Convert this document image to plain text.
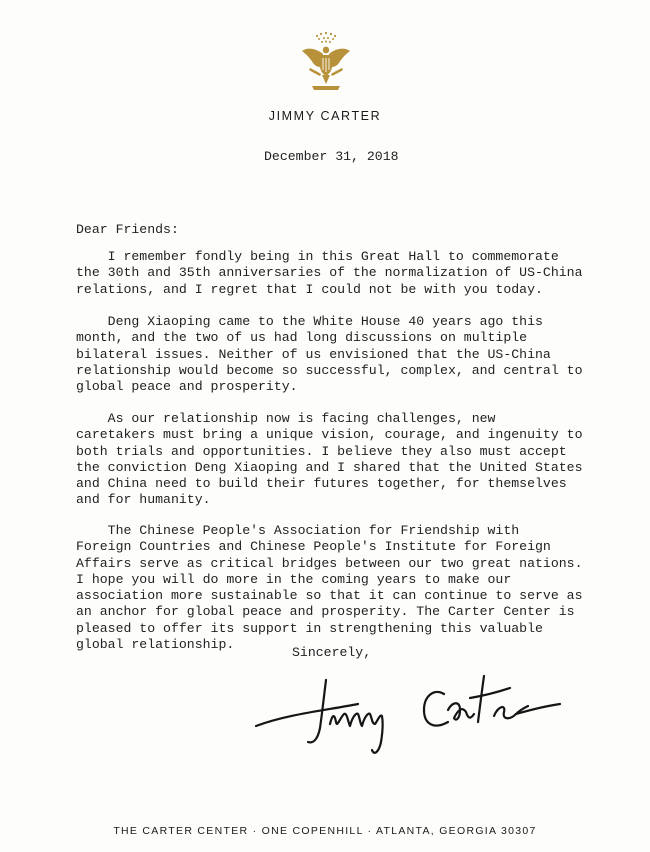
JIMMY CARTER
December 31, 2018
Dear Friends:

I remember fondly being in this Great Hall to commemorate
the 30th and 35th anniversaries of the normalization of US-China
relations, and I regret that I could not be with you today.

Deng Xiaoping came to the White House 40 years ago this
month, and the two of us had long discussions on multiple
bilateral issues. Neither of us envisioned that the US-China
relationship would become so successful, complex, and central to
global peace and prosperity.

As our relationship now is facing challenges, new
caretakers must bring a unique vision, courage, and ingenuity to
both trials and opportunities. I believe they also must accept
the conviction Deng Xiaoping and I shared that the United States
and China need to build their futures together, for themselves
and for humanity.

The Chinese People's Association for Friendship with
Foreign Countries and Chinese People's Institute for Foreign
Affairs serve as critical bridges between our two great nations.
I hope you will do more in the coming years to make our
association more sustainable so that it can continue to serve as
an anchor for global peace and prosperity. The Carter Center is
pleased to offer its support in strengthening this valuable
global relationship.

Sincerely,
THE CARTER CENTER · ONE COPENHILL · ATLANTA, GEORGIA 30307
